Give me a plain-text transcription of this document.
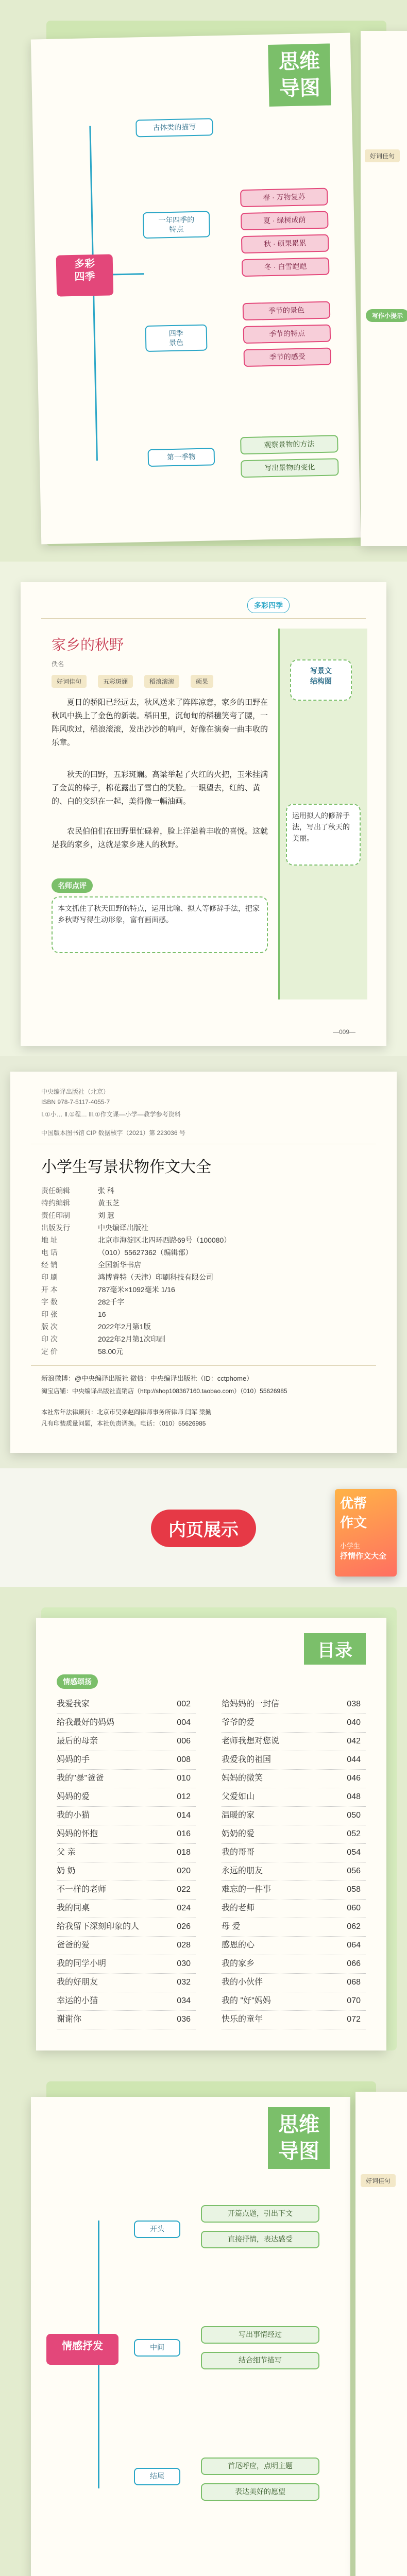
思维
导图
多彩
四季
古体类的描写
一年四季的
特点
四季
景色
第一季物
春 · 万物复苏
夏 · 绿树成荫
秋 · 硕果累累
冬 · 白雪皑皑
季节的景色
季节的特点
季节的感受
观察景物的方法
写出景物的变化
好词佳句
写作小提示
多彩四季
家乡的秋野
佚名
好词佳句	五彩斑斓	稻浪滚滚	硕果
夏日的骄阳已经远去，秋风送来了阵阵凉意，家乡的田野在秋风中换上了金色的新装。稻田里，沉甸甸的稻穗笑弯了腰，一阵风吹过，稻浪滚滚，发出沙沙的响声，好像在演奏一曲丰收的乐章。
秋天的田野，五彩斑斓。高粱举起了火红的火把，玉米挂满了金黄的棒子，棉花露出了雪白的笑脸。一眼望去，红的、黄的、白的交织在一起，美得像一幅油画。
农民伯伯们在田野里忙碌着，脸上洋溢着丰收的喜悦。这就是我的家乡，这就是家乡迷人的秋野。
名师点评
本文抓住了秋天田野的特点，运用比喻、拟人等修辞手法，把家乡秋野写得生动形象，富有画面感。
写景文
结构图
运用拟人的修辞手法，写出了秋天的美丽。
—009—
中央编译出版社（北京）
ISBN 978-7-5117-4055-7
Ⅰ.①小… Ⅱ.①程… Ⅲ.①作文课—小学—教学参考资料
中国版本图书馆 CIP 数据核字（2021）第 223036 号
小学生写景状物作文大全
责任编辑	张 科
特约编辑	黄玉芝
责任印制	刘 慧
出版发行	中央编译出版社
地 址	北京市海淀区北四环西路69号（100080）
电 话	（010）55627362（编辑部）
经 销	全国新华书店
印 刷	鸿博睿特（天津）印刷科技有限公司
开 本	787毫米×1092毫米 1/16
字 数	282千字
印 张	16
版 次	2022年2月第1版
印 次	2022年2月第1次印刷
定 价	58.00元
新浪微博：@中央编译出版社 微信：中央编译出版社（ID：cctphome）
淘宝店铺：中央编译出版社直销店（http://shop108367160.taobao.com）（010）55626985
本社常年法律顾问：北京市吴栾赵阎律师事务所律师 闫军 梁勤
凡有印装质量问题，本社负责调换。电话：（010）55626985
内页展示
优帮
作文
小学生
抒情作文大全
目录
情感颂扬
我爱我家	002
给我最好的妈妈	004
最后的母亲	006
妈妈的手	008
我的"暴"爸爸	010
妈妈的爱	012
我的小猫	014
妈妈的怀抱	016
父 亲	018
奶 奶	020
不一样的老师	022
我的同桌	024
给我留下深刻印象的人	026
爸爸的爱	028
我的同学小明	030
我的好朋友	032
幸运的小猫	034
谢谢你	036
给妈妈的一封信	038
爷爷的爱	040
老师我想对您说	042
我爱我的祖国	044
妈妈的微笑	046
父爱如山	048
温暖的家	050
奶奶的爱	052
我的哥哥	054
永远的朋友	056
难忘的一件事	058
我的老师	060
母 爱	062
感恩的心	064
我的家乡	066
我的小伙伴	068
我的 "好"妈妈	070
快乐的童年	072
思维
导图
情感抒发
开头
中间
结尾
开篇点题，引出下文
直接抒情，表达感受
写出事情经过
结合细节描写
首尾呼应，点明主题
表达美好的愿望
好词佳句
